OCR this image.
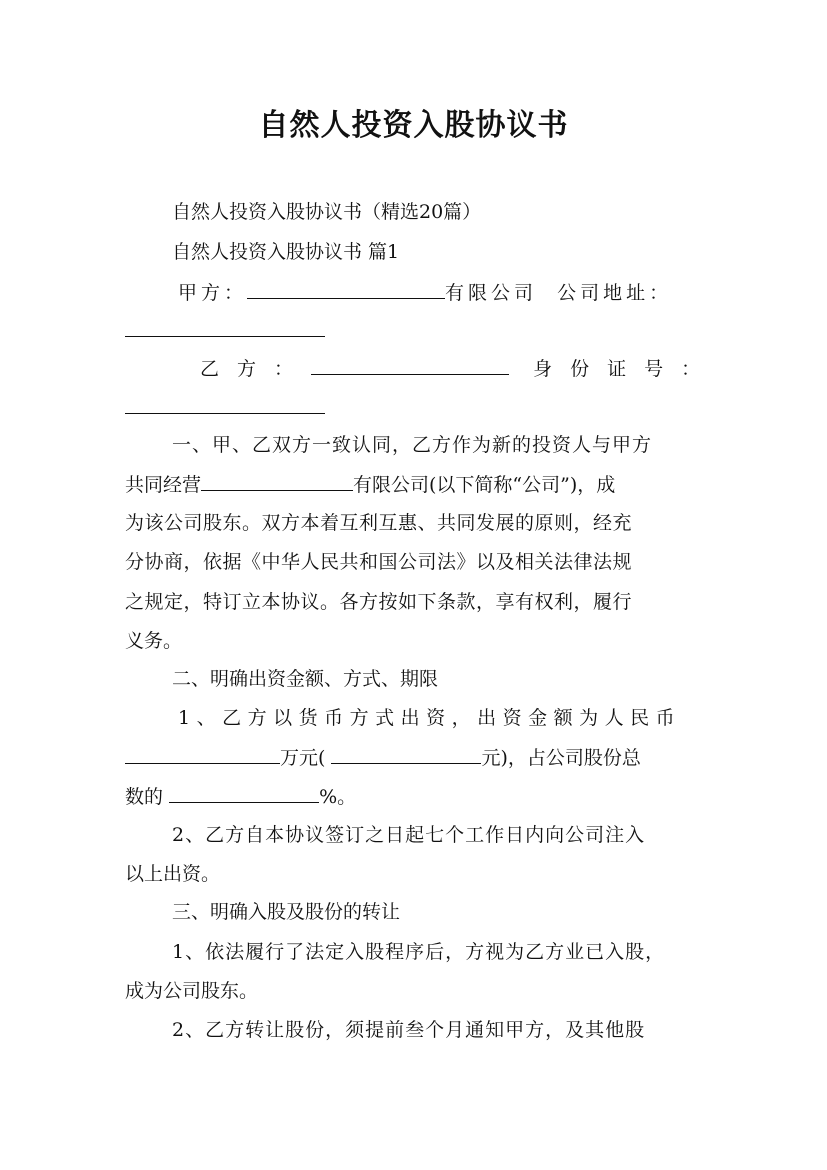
自然人投资入股协议书
自然人投资入股协议书（精选20篇）
自然人投资入股协议书 篇1
甲方：	有限公司 公司地址：
乙方：	身份证号：
一、甲、乙双方一致认同，乙方作为新的投资人与甲方
共同经营	有限公司(以下简称“公司”)，成
为该公司股东。双方本着互利互惠、共同发展的原则，经充
分协商，依据《中华人民共和国公司法》以及相关法律法规
之规定，特订立本协议。各方按如下条款，享有权利，履行
义务。
二、明确出资金额、方式、期限
1、乙方以货币方式出资，出资金额为人民币
万元(	元)，占公司股份总
数的	%。
2、乙方自本协议签订之日起七个工作日内向公司注入
以上出资。
三、明确入股及股份的转让
1、依法履行了法定入股程序后，方视为乙方业已入股，
成为公司股东。
2、乙方转让股份，须提前叁个月通知甲方，及其他股
